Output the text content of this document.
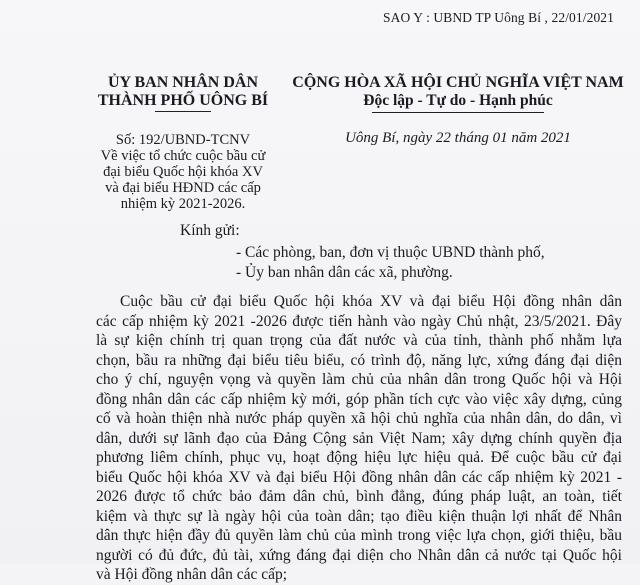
SAO Y : UBND TP Uông Bí , 22/01/2021
ỦY BAN NHÂN DÂN
THÀNH PHỐ UÔNG BÍ
Số: 192/UBND-TCNV
Về việc tổ chức cuộc bầu cử
đại biểu Quốc hội khóa XV
và đại biểu HĐND các cấp
nhiệm kỳ 2021-2026.
CỘNG HÒA XÃ HỘI CHỦ NGHĨA VIỆT NAM
Độc lập - Tự do - Hạnh phúc
Uông Bí, ngày 22 tháng 01 năm 2021
Kính gửi:
- Các phòng, ban, đơn vị thuộc UBND thành phố,
- Ủy ban nhân dân các xã, phường.
Cuộc bầu cử đại biểu Quốc hội khóa XV và đại biểu Hội đồng nhân dân
các cấp nhiệm kỳ 2021 -2026 được tiến hành vào ngày Chủ nhật, 23/5/2021. Đây
là sự kiện chính trị quan trọng của đất nước và của tỉnh, thành phố nhằm lựa
chọn, bầu ra những đại biểu tiêu biểu, có trình độ, năng lực, xứng đáng đại diện
cho ý chí, nguyện vọng và quyền làm chủ của nhân dân trong Quốc hội và Hội
đồng nhân dân các cấp nhiệm kỳ mới, góp phần tích cực vào việc xây dựng, củng
cố và hoàn thiện nhà nước pháp quyền xã hội chủ nghĩa của nhân dân, do dân, vì
dân, dưới sự lãnh đạo của Đảng Cộng sản Việt Nam; xây dựng chính quyền địa
phương liêm chính, phục vụ, hoạt động hiệu lực hiệu quả. Để cuộc bầu cử đại
biểu Quốc hội khóa XV và đại biểu Hội đồng nhân dân các cấp nhiệm kỳ 2021 -
2026 được tổ chức bảo đảm dân chủ, bình đẳng, đúng pháp luật, an toàn, tiết
kiệm và thực sự là ngày hội của toàn dân; tạo điều kiện thuận lợi nhất để Nhân
dân thực hiện đầy đủ quyền làm chủ của mình trong việc lựa chọn, giới thiệu, bầu
người có đủ đức, đủ tài, xứng đáng đại diện cho Nhân dân cả nước tại Quốc hội
và Hội đồng nhân dân các cấp;
